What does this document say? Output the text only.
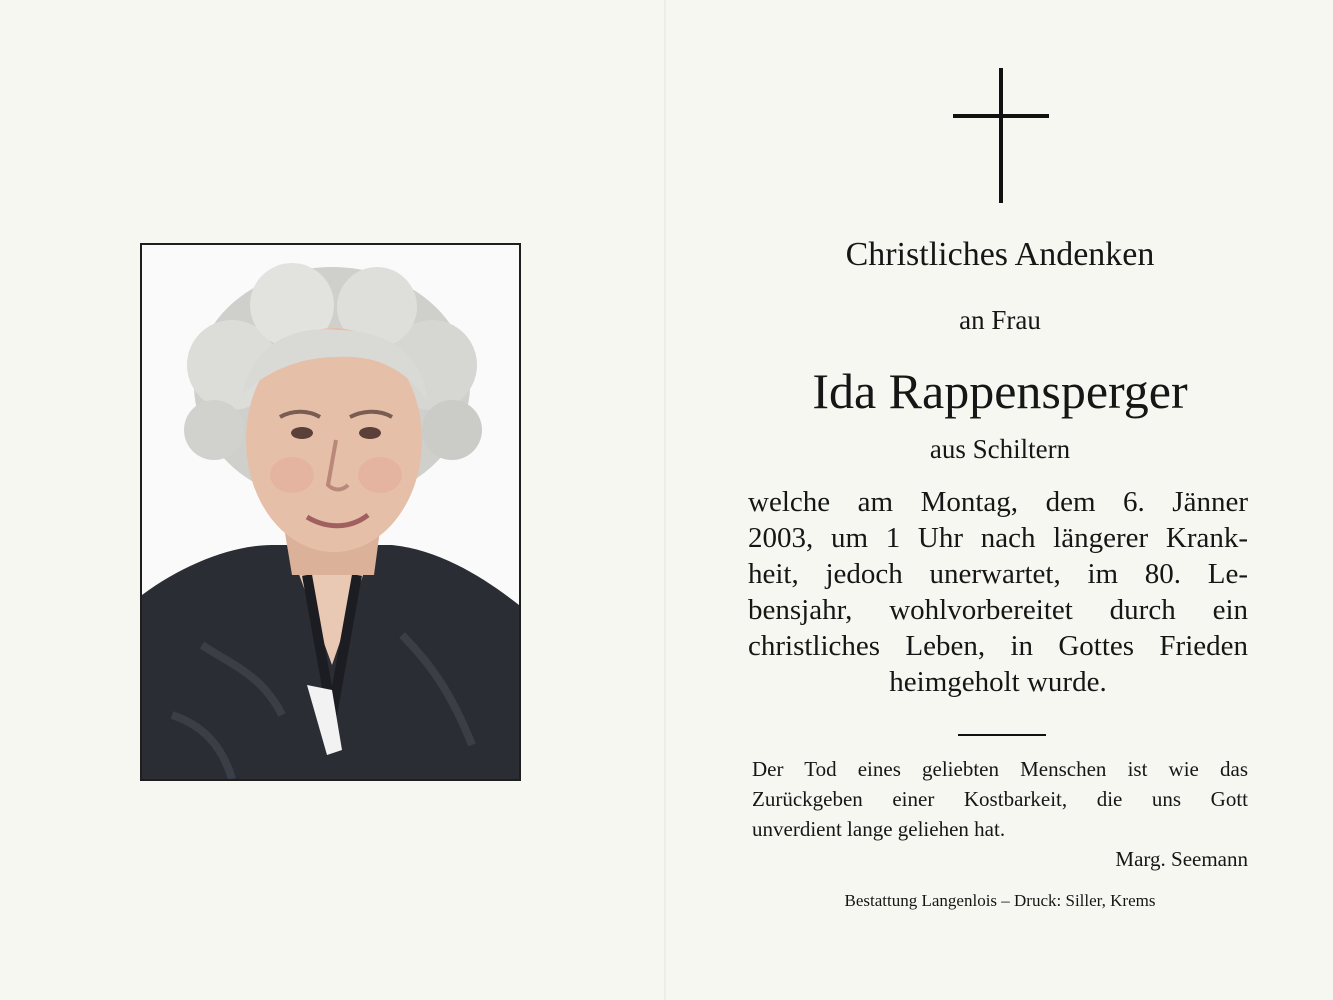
Christliches Andenken
an Frau
Ida Rappensperger
aus Schiltern
welche am Montag, dem 6. Jänner
2003, um 1 Uhr nach längerer Krank-
heit, jedoch unerwartet, im 80. Le-
bensjahr, wohlvorbereitet durch ein
christliches Leben, in Gottes Frieden
heimgeholt wurde.
Der Tod eines geliebten Menschen ist wie das
Zurückgeben einer Kostbarkeit, die uns Gott
unverdient lange geliehen hat.
Marg. Seemann
Bestattung Langenlois – Druck: Siller, Krems
